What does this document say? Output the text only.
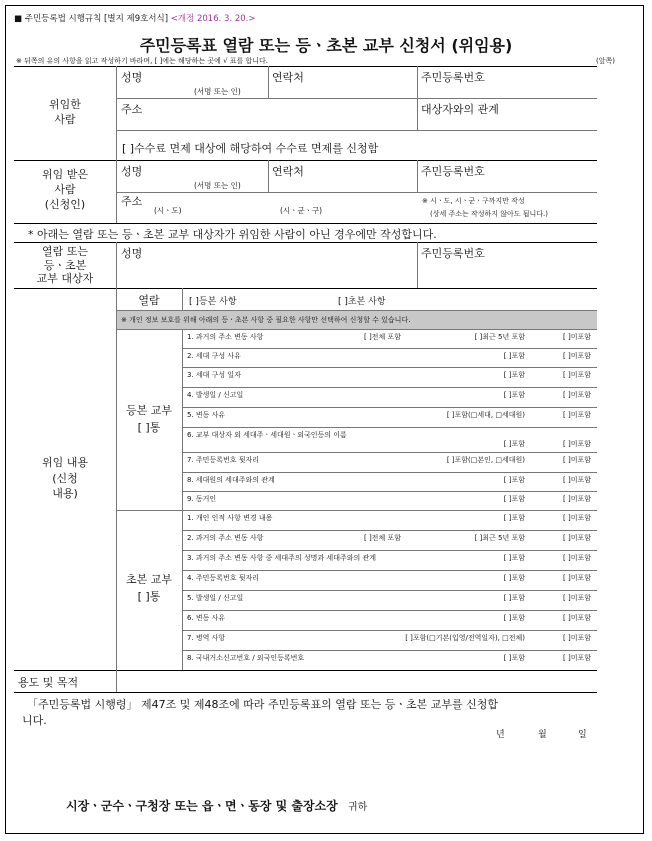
■ 주민등록법 시행규칙 [별지 제9호서식] <개정 2016. 3. 20.>
주민등록표 열람 또는 등ㆍ초본 교부 신청서 (위임용)
※ 뒤쪽의 유의 사항을 읽고 작성하기 바라며, [ ]에는 해당하는 곳에 √ 표를 합니다.	(앞쪽)
위임한
사람
성명
(서명 또는 인)
연락처	주민등록번호
주소	대상자와의 관계
[ ]수수료 면제 대상에 해당하여 수수료 면제를 신청함
위임 받은
사람
(신청인)
성명
(서명 또는 인)
연락처	주민등록번호
주소
(시ㆍ도)	(시ㆍ군ㆍ구)
※ 시ㆍ도, 시ㆍ군ㆍ구까지만 작성
(상세 주소는 작성하지 않아도 됩니다.)
* 아래는 열람 또는 등ㆍ초본 교부 대상자가 위임한 사람이 아닌 경우에만 작성합니다.
열람 또는
등ㆍ초본
교부 대상자
성명	주민등록번호
위임 내용
(신청
내용)
열람	[ ]등본 사항	[ ]초본 사항
※ 개인 정보 보호를 위해 아래의 등ㆍ초본 사항 중 필요한 사항만 선택하여 신청할 수 있습니다.
등본 교부
[ ]통
1. 과거의 주소 변동 사항	[ ]전체 포함	[ ]최근 5년 포함	[ ]미포함
2. 세대 구성 사유	[ ]포함	[ ]미포함
3. 세대 구성 일자	[ ]포함	[ ]미포함
4. 발생일 / 신고일	[ ]포함	[ ]미포함
5. 변동 사유	[ ]포함(□세대, □세대원)	[ ]미포함
6. 교부 대상자 외 세대주ㆍ세대원ㆍ외국인등의 이름
[ ]포함	[ ]미포함
7. 주민등록번호 뒷자리	[ ]포함(□본인, □세대원)	[ ]미포함
8. 세대원의 세대주와의 관계	[ ]포함	[ ]미포함
9. 동거인	[ ]포함	[ ]미포함
초본 교부
[ ]통
1. 개인 인적 사항 변경 내용	[ ]포함	[ ]미포함
2. 과거의 주소 변동 사항	[ ]전체 포함	[ ]최근 5년 포함	[ ]미포함
3. 과거의 주소 변동 사항 중 세대주의 성명과 세대주와의 관계	[ ]포함	[ ]미포함
4. 주민등록번호 뒷자리	[ ]포함	[ ]미포함
5. 발생일 / 신고일	[ ]포함	[ ]미포함
6. 변동 사유	[ ]포함	[ ]미포함
7. 병역 사항	[ ]포함(□기본(입영/전역일자), □전체)	[ ]미포함
8. 국내거소신고번호 / 외국인등록번호	[ ]포함	[ ]미포함
용도 및 목적
「주민등록법 시행령」 제47조 및 제48조에 따라 주민등록표의 열람 또는 등ㆍ초본 교부를 신청합
니다.
년	월	일
시장ㆍ군수ㆍ구청장 또는 읍ㆍ면ㆍ동장 및 출장소장 귀하
